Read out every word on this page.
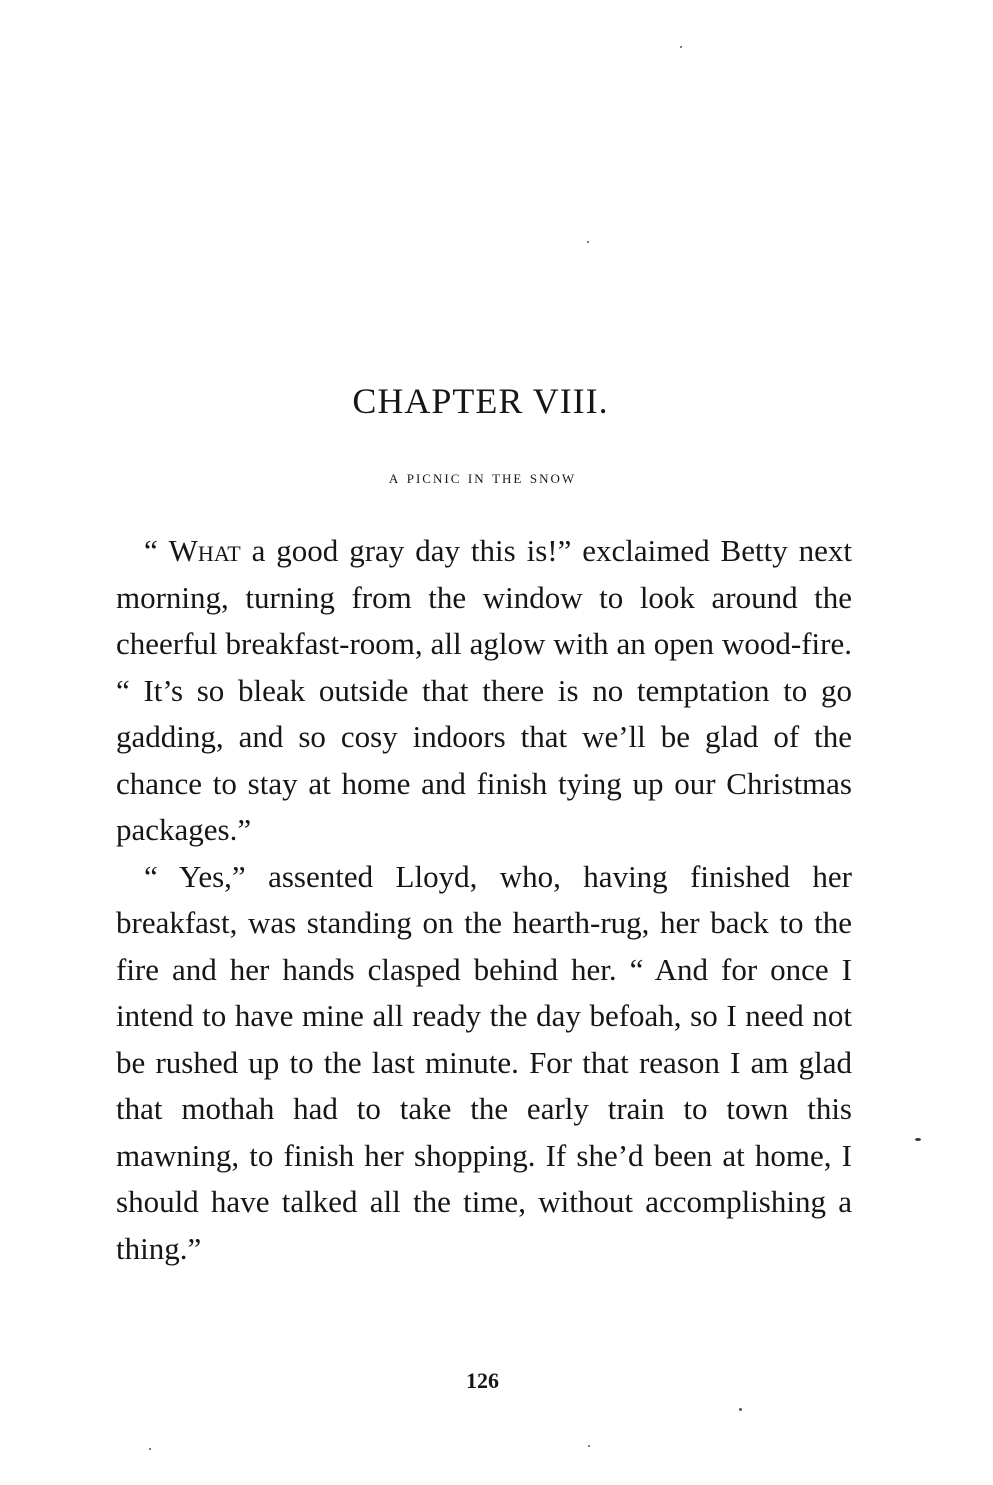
CHAPTER VIII.
a picnic in the snow

“ What a good gray day this is!” exclaimed Betty next morning, turning from the window to look around the cheerful breakfast-room, all aglow with an open wood-fire. “ It’s so bleak outside that there is no temptation to go gadding, and so cosy indoors that we’ll be glad of the chance to stay at home and finish tying up our Christmas packages.”

“ Yes,” assented Lloyd, who, having finished her breakfast, was standing on the hearth-rug, her back to the fire and her hands clasped behind her. “ And for once I intend to have mine all ready the day befoah, so I need not be rushed up to the last minute. For that reason I am glad that mothah had to take the early train to town this mawning, to finish her shopping. If she’d been at home, I should have talked all the time, without accomplishing a thing.”

126
